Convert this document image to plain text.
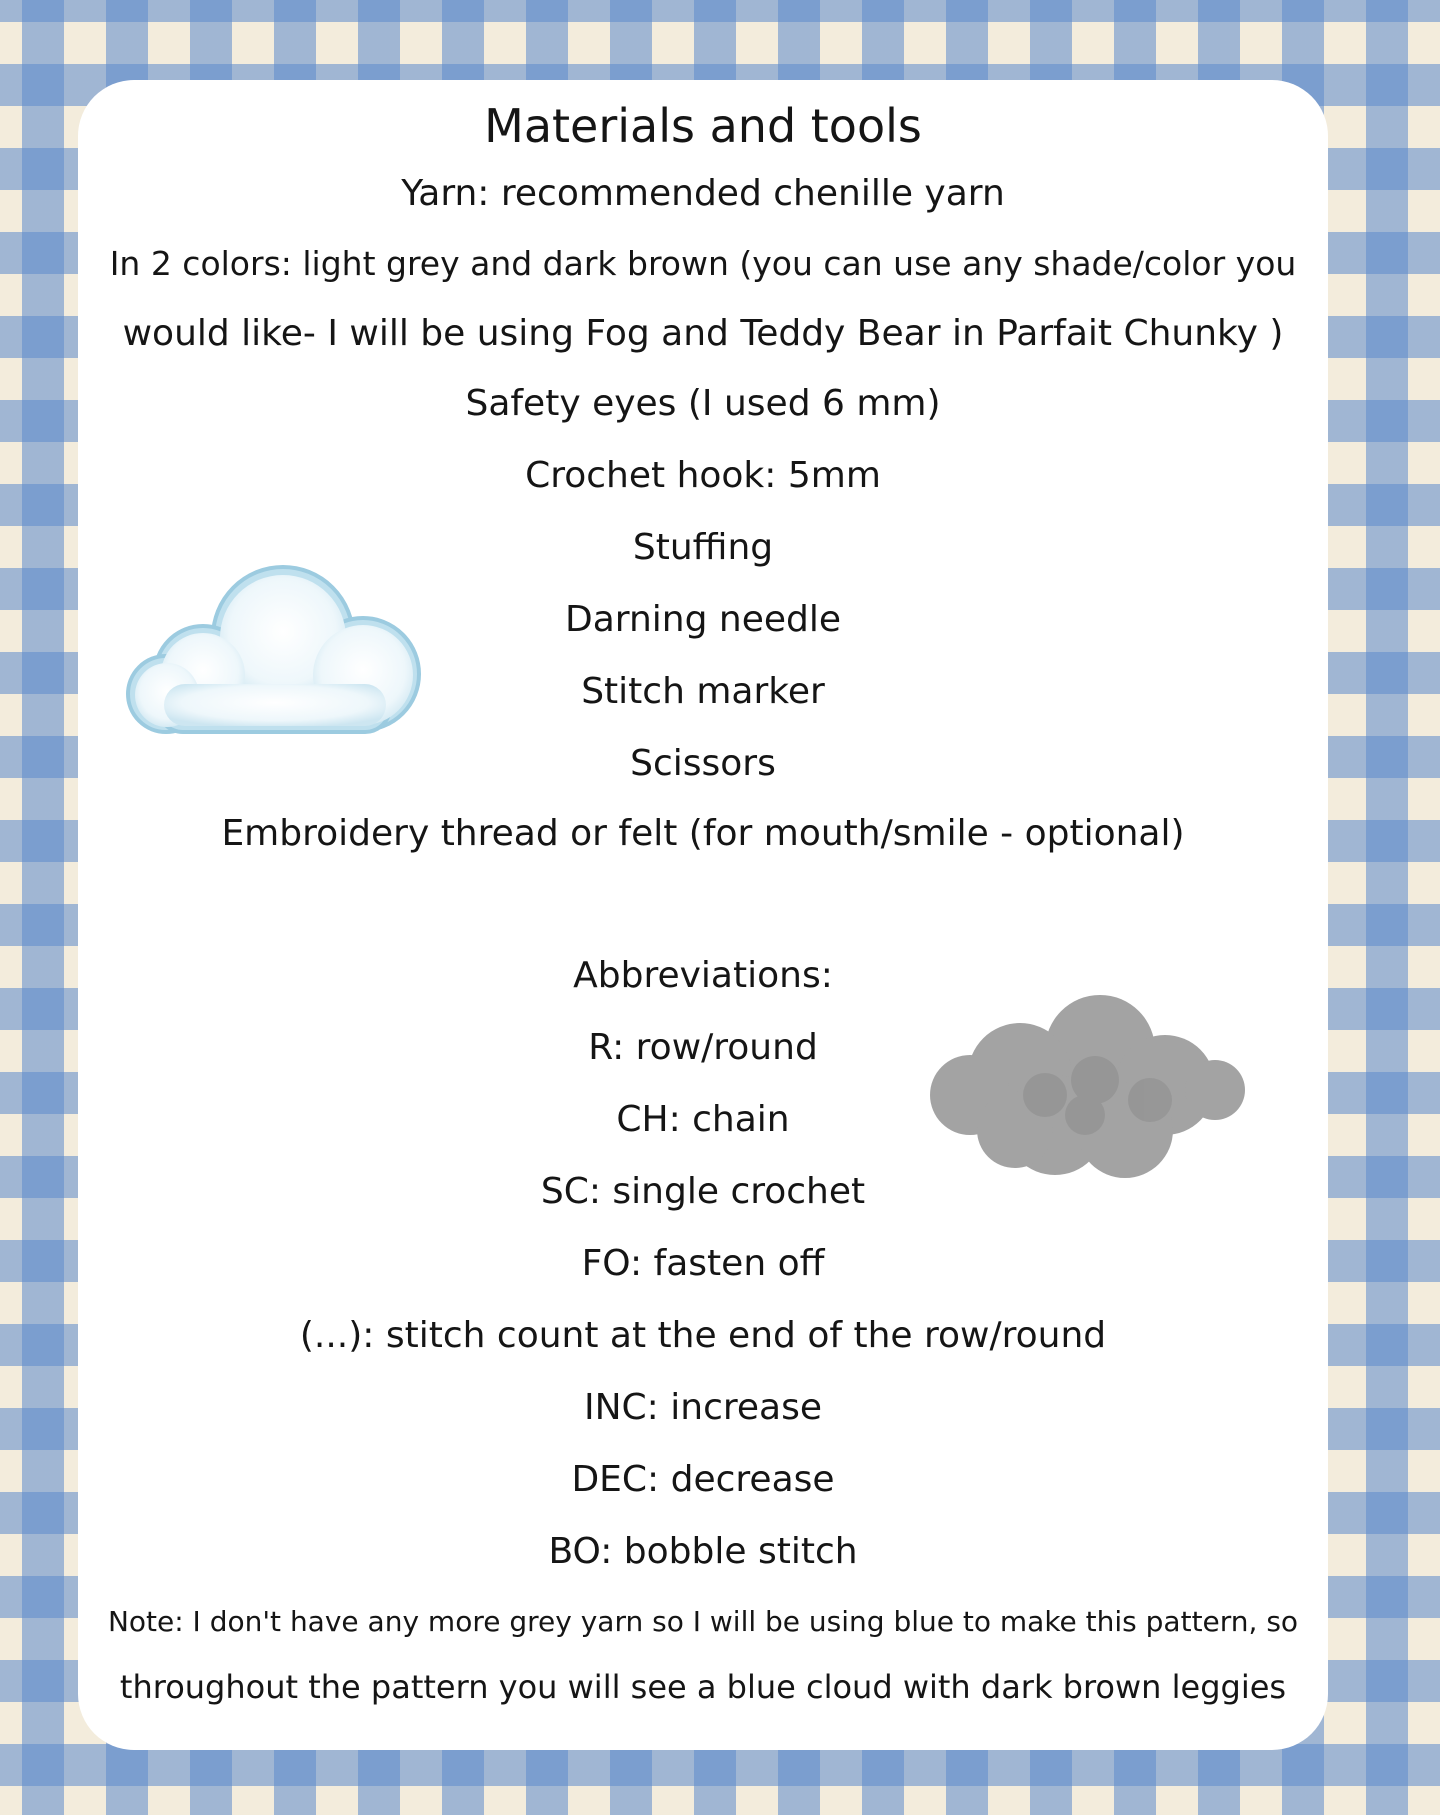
Materials and tools
Yarn: recommended chenille yarn
In 2 colors: light grey and dark brown (you can use any shade/color you
would like- I will be using Fog and Teddy Bear in Parfait Chunky )
Safety eyes (I used 6 mm)
Crochet hook: 5mm
Stuffing
Darning needle
Stitch marker
Scissors
Embroidery thread or felt (for mouth/smile - optional)
Abbreviations:
R: row/round
CH: chain
SC: single crochet
FO: fasten off
(...): stitch count at the end of the row/round
INC: increase
DEC: decrease
BO: bobble stitch
Note: I don't have any more grey yarn so I will be using blue to make this pattern, so
throughout the pattern you will see a blue cloud with dark brown leggies
